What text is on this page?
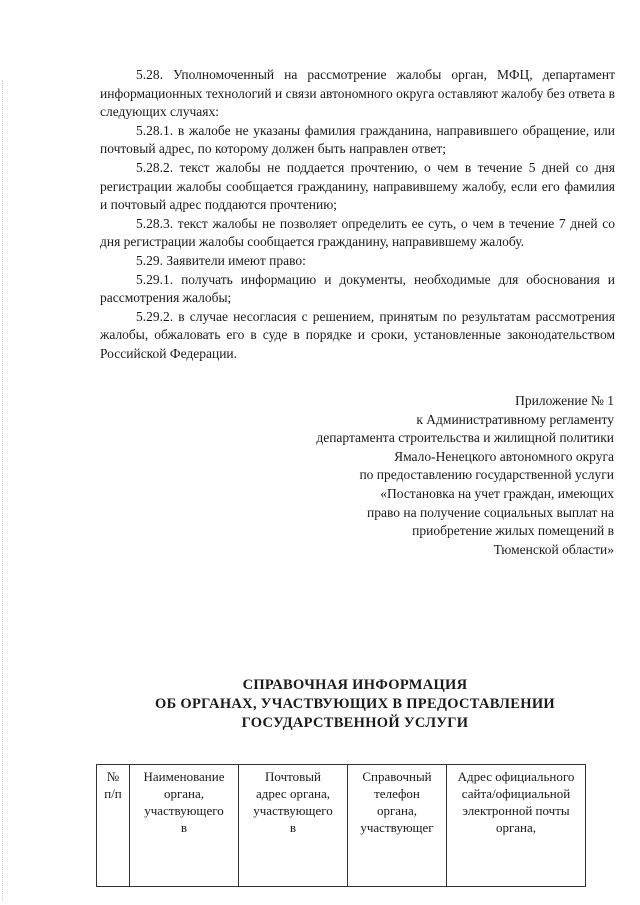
5.28. Уполномоченный на рассмотрение жалобы орган, МФЦ, департамент информационных технологий и связи автономного округа оставляют жалобу без ответа в следующих случаях:

5.28.1. в жалобе не указаны фамилия гражданина, направившего обращение, или почтовый адрес, по которому должен быть направлен ответ;

5.28.2. текст жалобы не поддается прочтению, о чем в течение 5 дней со дня регистрации жалобы сообщается гражданину, направившему жалобу, если его фамилия и почтовый адрес поддаются прочтению;

5.28.3. текст жалобы не позволяет определить ее суть, о чем в течение 7 дней со дня регистрации жалобы сообщается гражданину, направившему жалобу.

5.29. Заявители имеют право:

5.29.1. получать информацию и документы, необходимые для обоснования и рассмотрения жалобы;

5.29.2. в случае несогласия с решением, принятым по результатам рассмотрения жалобы, обжаловать его в суде в порядке и сроки, установленные законодательством Российской Федерации.

Приложение № 1
к Административному регламенту
департамента строительства и жилищной политики
Ямало-Ненецкого автономного округа
по предоставлению государственной услуги
«Постановка на учет граждан, имеющих
право на получение социальных выплат на
приобретение жилых помещений в
Тюменской области»
СПРАВОЧНАЯ ИНФОРМАЦИЯ
ОБ ОРГАНАХ, УЧАСТВУЮЩИХ В ПРЕДОСТАВЛЕНИИ
ГОСУДАРСТВЕННОЙ УСЛУГИ
№
п/п

Наименование
органа,
участвующего
в

Почтовый
адрес органа,
участвующего
в

Справочный
телефон
органа,
участвующег

Адрес официального
сайта/официальной
электронной почты
органа,
